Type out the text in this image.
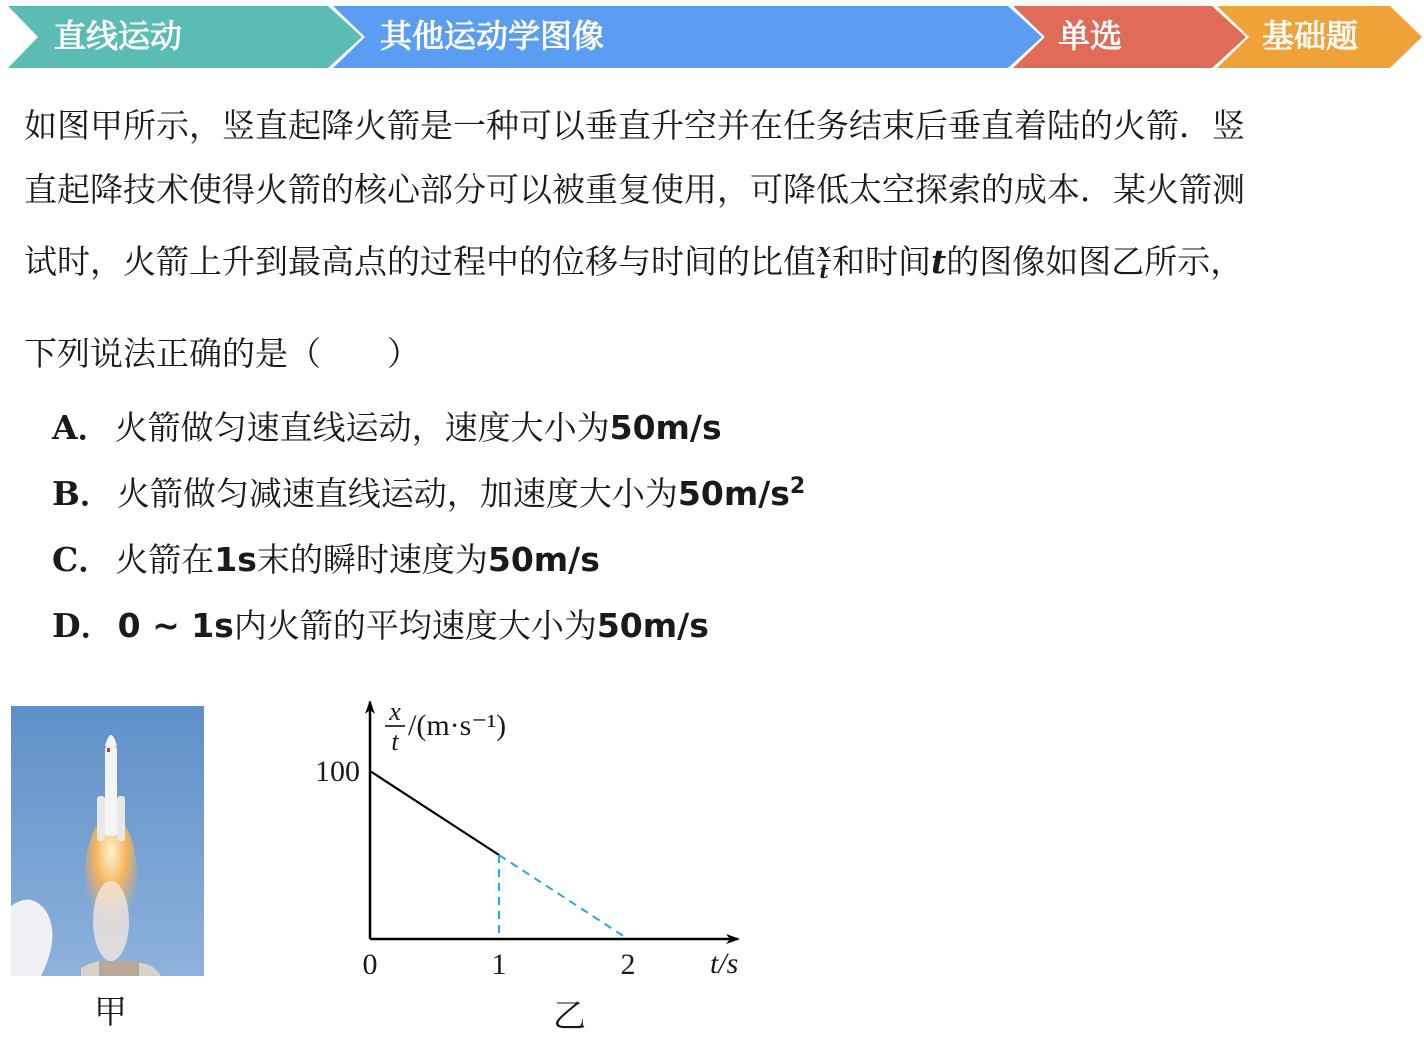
直线运动	其他运动学图像	单选	基础题
如图甲所示，竖直起降火箭是一种可以垂直升空并在任务结束后垂直着陆的火箭．竖
直起降技术使得火箭的核心部分可以被重复使用，可降低太空探索的成本．某火箭测
试时，火箭上升到最高点的过程中的位移与时间的比值 $\frac{x}{t}$ 和时间t的图像如图乙所示，
下列说法正确的是（　　）
A． 火箭做匀速直线运动，速度大小为50m/s
B． 火箭做匀减速直线运动，加速度大小为$50m/s^2$
C． 火箭在1s末的瞬时速度为50m/s
D． 0 ~ 1s内火箭的平均速度大小为50m/s
甲
x
t /(m·s⁻¹)
t/s
0	1	2
100
乙
